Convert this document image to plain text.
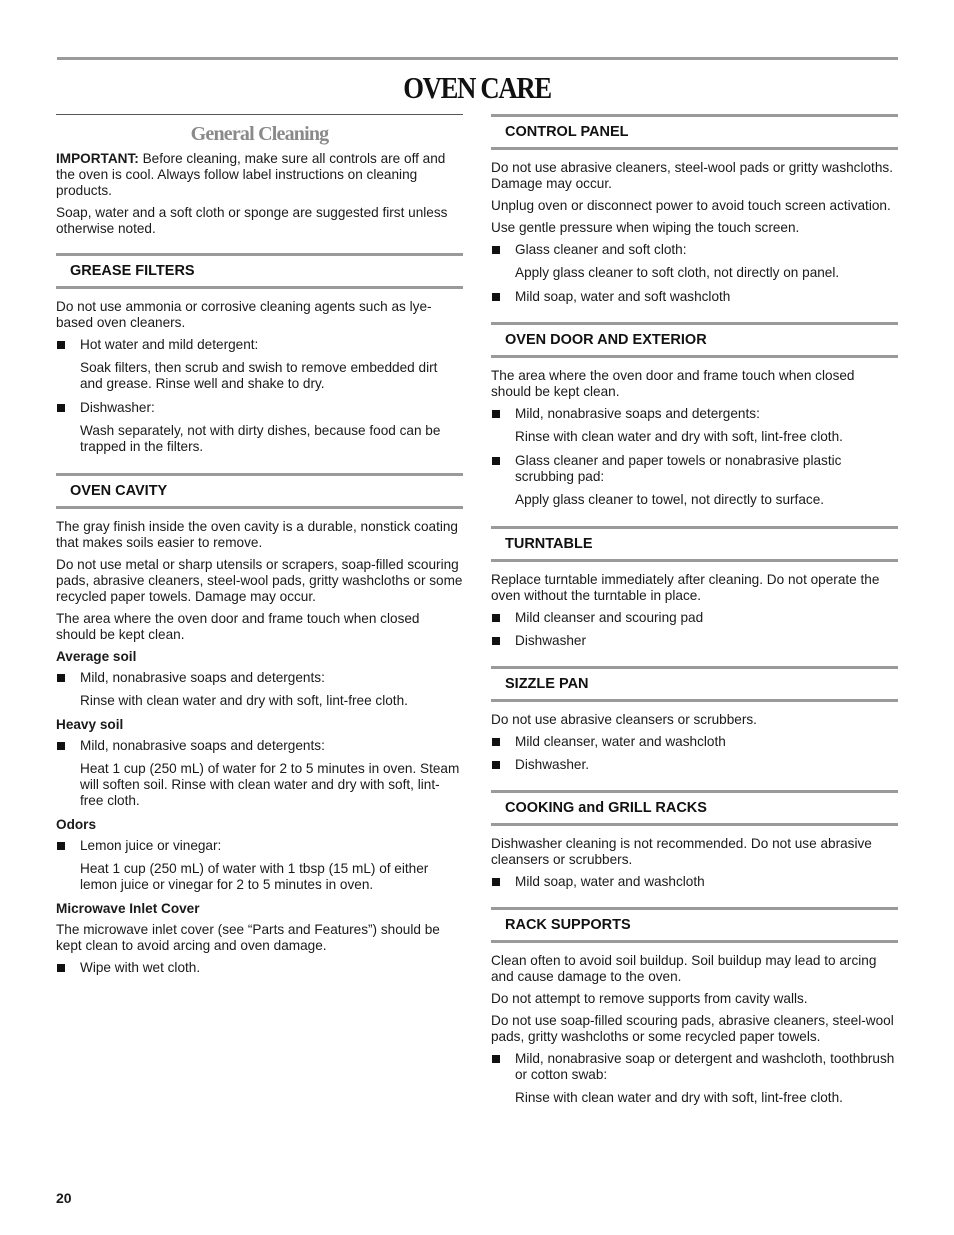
OVEN CARE
General Cleaning

IMPORTANT: Before cleaning, make sure all controls are off and the oven is cool. Always follow label instructions on cleaning products.

Soap, water and a soft cloth or sponge are suggested first unless otherwise noted.

GREASE FILTERS

Do not use ammonia or corrosive cleaning agents such as lye-based oven cleaners.

Hot water and mild detergent:
Soak filters, then scrub and swish to remove embedded dirt and grease. Rinse well and shake to dry.
Dishwasher:
Wash separately, not with dirty dishes, because food can be trapped in the filters.
OVEN CAVITY

The gray finish inside the oven cavity is a durable, nonstick coating that makes soils easier to remove.

Do not use metal or sharp utensils or scrapers, soap-filled scouring pads, abrasive cleaners, steel-wool pads, gritty washcloths or some recycled paper towels. Damage may occur.

The area where the oven door and frame touch when closed should be kept clean.

Average soil
Mild, nonabrasive soaps and detergents:
Rinse with clean water and dry with soft, lint-free cloth.
Heavy soil
Mild, nonabrasive soaps and detergents:
Heat 1 cup (250 mL) of water for 2 to 5 minutes in oven. Steam will soften soil. Rinse with clean water and dry with soft, lint-free cloth.
Odors
Lemon juice or vinegar:
Heat 1 cup (250 mL) of water with 1 tbsp (15 mL) of either lemon juice or vinegar for 2 to 5 minutes in oven.
Microwave Inlet Cover

The microwave inlet cover (see “Parts and Features”) should be kept clean to avoid arcing and oven damage.

Wipe with wet cloth.
CONTROL PANEL

Do not use abrasive cleaners, steel-wool pads or gritty washcloths. Damage may occur.

Unplug oven or disconnect power to avoid touch screen activation.

Use gentle pressure when wiping the touch screen.

Glass cleaner and soft cloth:
Apply glass cleaner to soft cloth, not directly on panel.
Mild soap, water and soft washcloth
OVEN DOOR AND EXTERIOR

The area where the oven door and frame touch when closed should be kept clean.

Mild, nonabrasive soaps and detergents:
Rinse with clean water and dry with soft, lint-free cloth.
Glass cleaner and paper towels or nonabrasive plastic scrubbing pad:
Apply glass cleaner to towel, not directly to surface.
TURNTABLE

Replace turntable immediately after cleaning. Do not operate the oven without the turntable in place.

Mild cleanser and scouring pad
Dishwasher
SIZZLE PAN

Do not use abrasive cleansers or scrubbers.

Mild cleanser, water and washcloth
Dishwasher.
COOKING and GRILL RACKS

Dishwasher cleaning is not recommended. Do not use abrasive cleansers or scrubbers.

Mild soap, water and washcloth
RACK SUPPORTS

Clean often to avoid soil buildup. Soil buildup may lead to arcing and cause damage to the oven.

Do not attempt to remove supports from cavity walls.

Do not use soap-filled scouring pads, abrasive cleaners, steel-wool pads, gritty washcloths or some recycled paper towels.

Mild, nonabrasive soap or detergent and washcloth, toothbrush or cotton swab:
Rinse with clean water and dry with soft, lint-free cloth.
20
